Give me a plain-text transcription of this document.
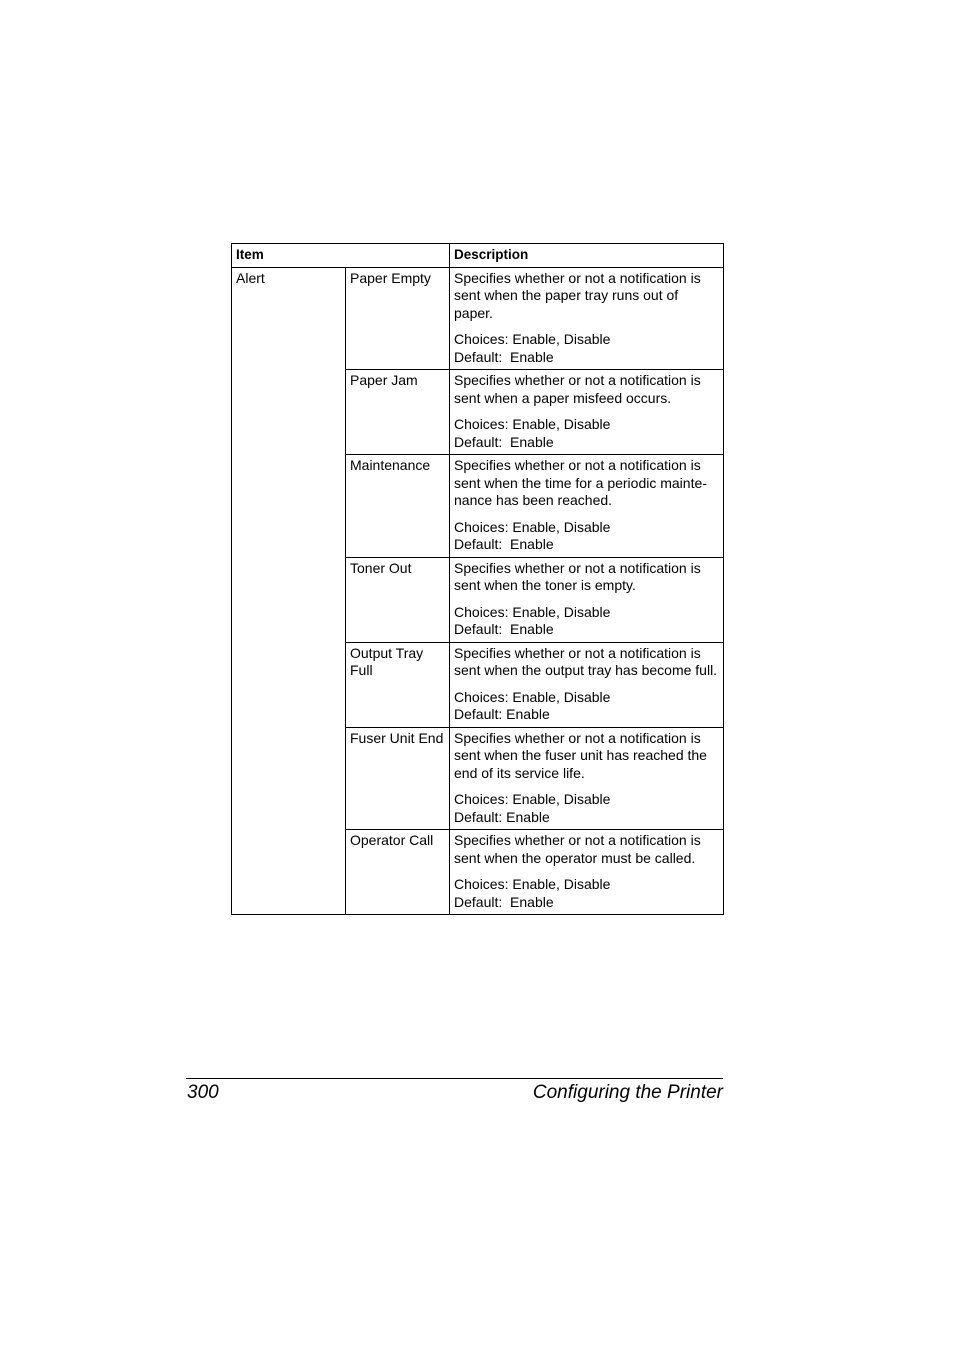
Item		Description
Alert	Paper Empty	Specifies whether or not a notification is sent when the paper tray runs out of paper.

Choices: Enable, Disable
Default:  Enable

	Paper Jam	Specifies whether or not a notification is sent when a paper misfeed occurs.

Choices: Enable, Disable
Default:  Enable

	Maintenance	Specifies whether or not a notification is sent when the time for a periodic mainte-nance has been reached.

Choices: Enable, Disable
Default:  Enable

	Toner Out	Specifies whether or not a notification is sent when the toner is empty.

Choices: Enable, Disable
Default:  Enable

	Output Tray Full	Specifies whether or not a notification is sent when the output tray has become full.

Choices: Enable, Disable
Default: Enable

	Fuser Unit End	Specifies whether or not a notification is sent when the fuser unit has reached the end of its service life.

Choices: Enable, Disable
Default: Enable

	Operator Call	Specifies whether or not a notification is sent when the operator must be called.

Choices: Enable, Disable
Default:  Enable
300	Configuring the Printer
